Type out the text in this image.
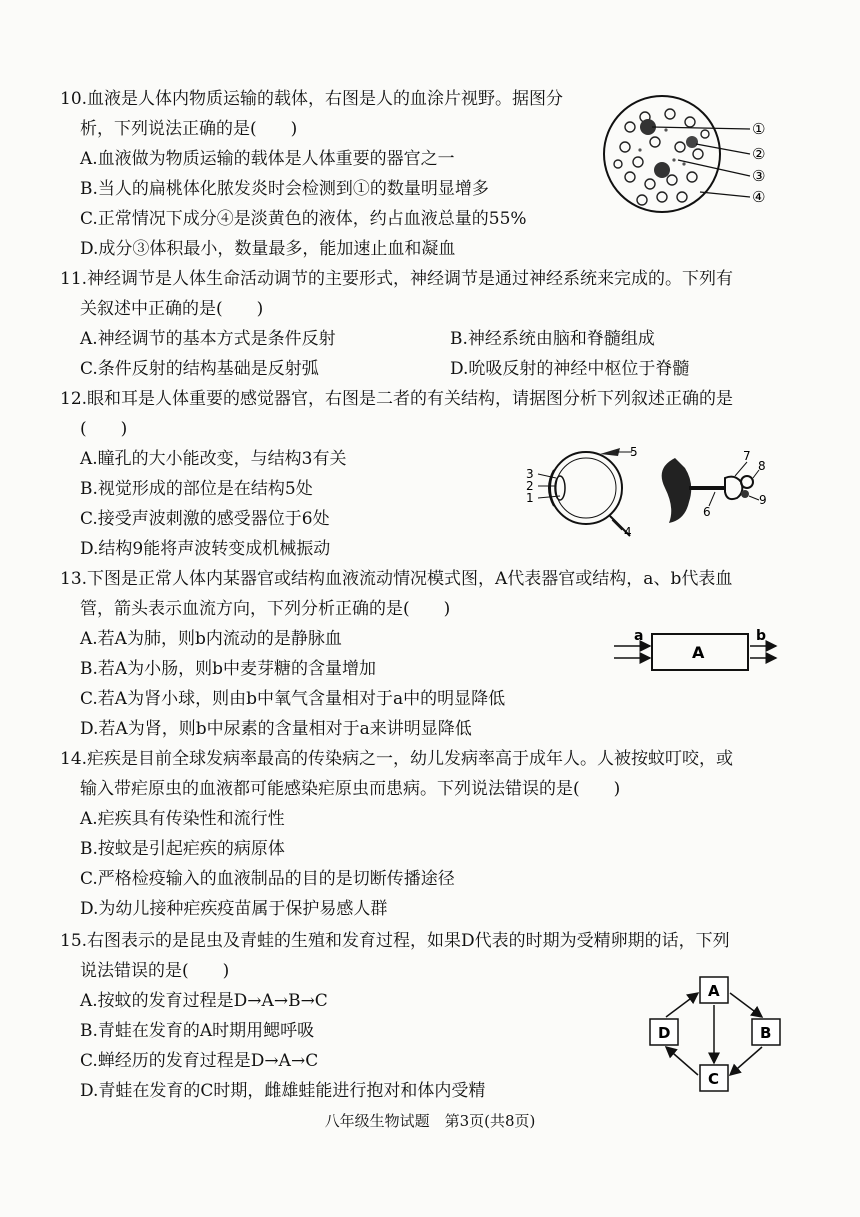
10.血液是人体内物质运输的载体，右图是人的血涂片视野。据图分
析，下列说法正确的是(　　)
A.血液做为物质运输的载体是人体重要的器官之一
B.当人的扁桃体化脓发炎时会检测到①的数量明显增多
C.正常情况下成分④是淡黄色的液体，约占血液总量的55%
D.成分③体积最小，数量最多，能加速止血和凝血
①
②
③
④
11.神经调节是人体生命活动调节的主要形式，神经调节是通过神经系统来完成的。下列有
关叙述中正确的是(　　)
A.神经调节的基本方式是条件反射	B.神经系统由脑和脊髓组成
C.条件反射的结构基础是反射弧	D.吮吸反射的神经中枢位于脊髓
12.眼和耳是人体重要的感觉器官，右图是二者的有关结构，请据图分析下列叙述正确的是
(　　)
A.瞳孔的大小能改变，与结构3有关
B.视觉形成的部位是在结构5处
C.接受声波刺激的感受器位于6处
D.结构9能将声波转变成机械振动
3
2
1
5
4
7
8
6
9
13.下图是正常人体内某器官或结构血液流动情况模式图，A代表器官或结构，a、b代表血
管，箭头表示血流方向，下列分析正确的是(　　)
A.若A为肺，则b内流动的是静脉血
B.若A为小肠，则b中麦芽糖的含量增加
C.若A为肾小球，则由b中氧气含量相对于a中的明显降低
D.若A为肾，则b中尿素的含量相对于a来讲明显降低
a	b
A
14.疟疾是目前全球发病率最高的传染病之一，幼儿发病率高于成年人。人被按蚊叮咬，或
输入带疟原虫的血液都可能感染疟原虫而患病。下列说法错误的是(　　)
A.疟疾具有传染性和流行性
B.按蚊是引起疟疾的病原体
C.严格检疫输入的血液制品的目的是切断传播途径
D.为幼儿接种疟疾疫苗属于保护易感人群
15.右图表示的是昆虫及青蛙的生殖和发育过程，如果D代表的时期为受精卵期的话，下列
说法错误的是(　　)
A.按蚊的发育过程是D→A→B→C
B.青蛙在发育的A时期用鳃呼吸
C.蝉经历的发育过程是D→A→C
D.青蛙在发育的C时期，雌雄蛙能进行抱对和体内受精
A
B
C
D
八年级生物试题　第3页(共8页)
